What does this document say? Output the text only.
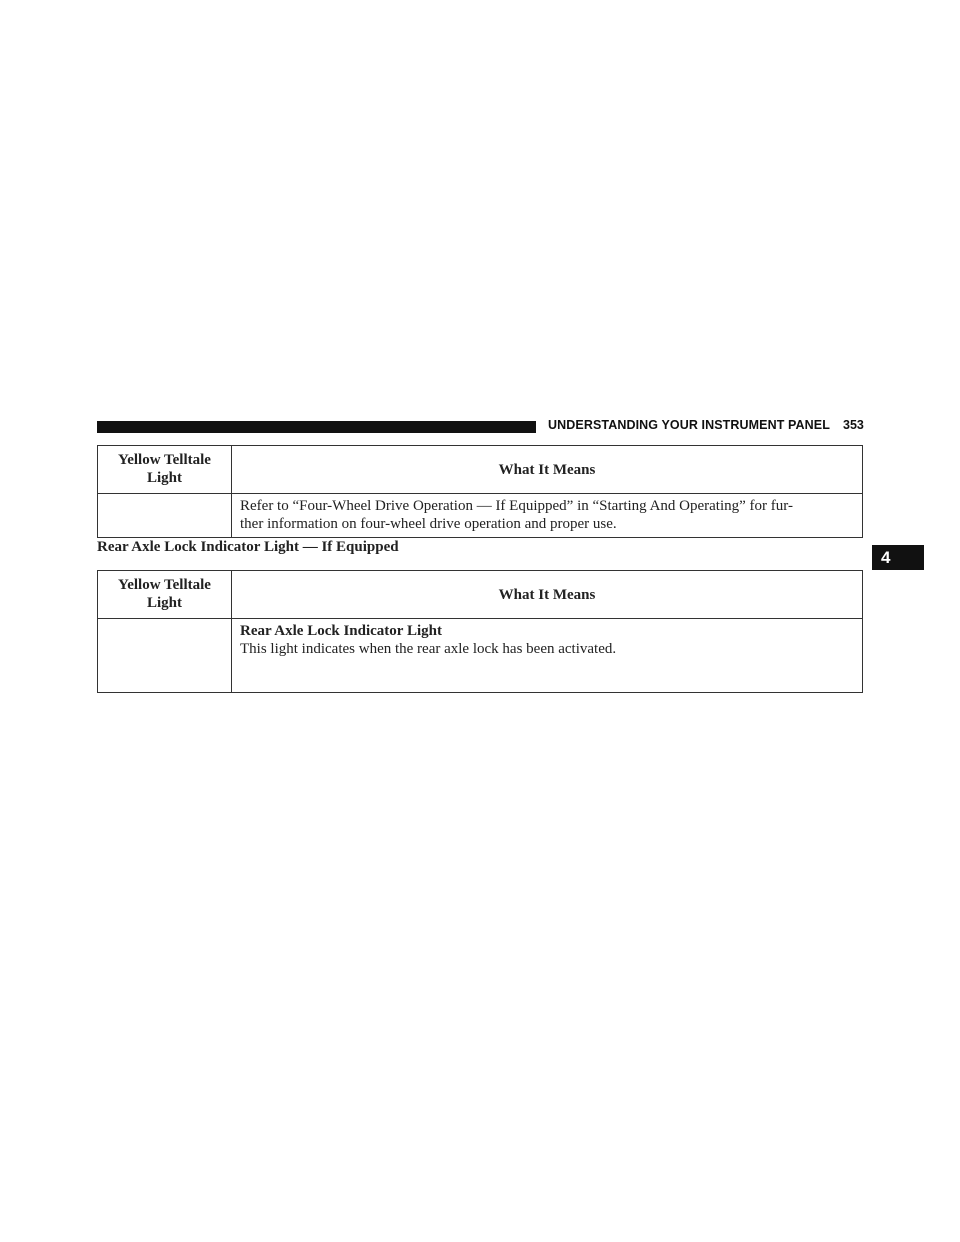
UNDERSTANDING YOUR INSTRUMENT PANEL 353
4
Yellow Telltale
Light	What It Means

	Refer to “Four-Wheel Drive Operation — If Equipped” in “Starting And Operating” for fur-
ther information on four-wheel drive operation and proper use.
Rear Axle Lock Indicator Light — If Equipped
Yellow Telltale
Light	What It Means

	Rear Axle Lock Indicator Light
This light indicates when the rear axle lock has been activated.
